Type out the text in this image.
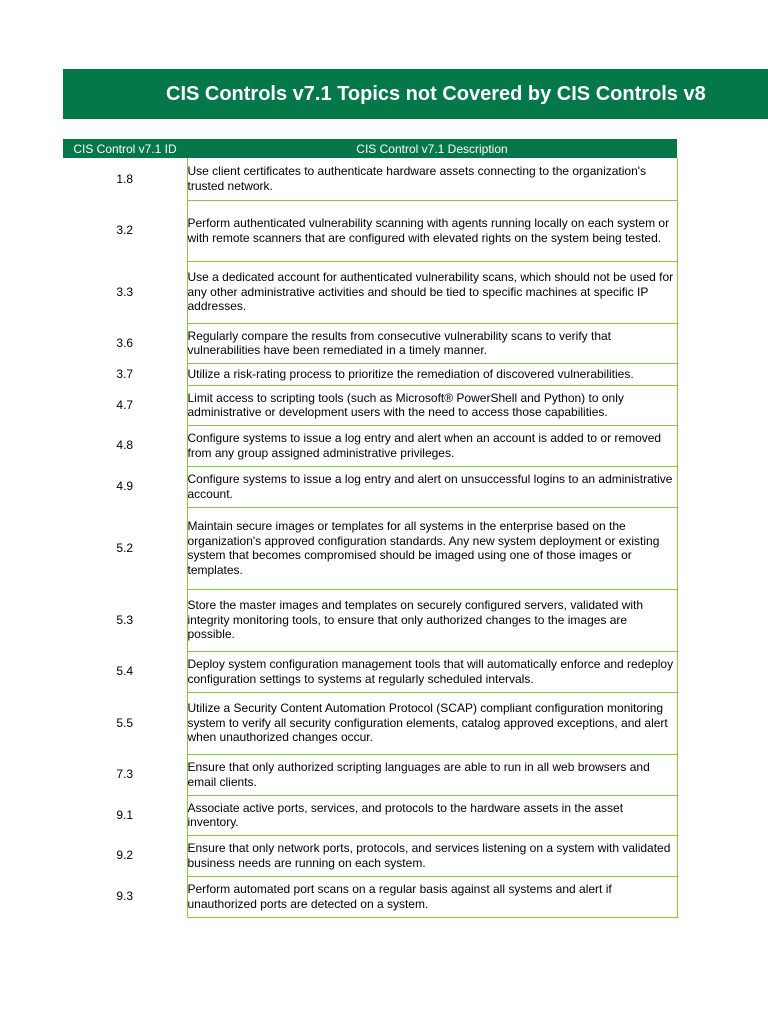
CIS Controls v7.1 Topics not Covered by CIS Controls v8
CIS Control v7.1 ID	CIS Control v7.1 Description
1.8	Use client certificates to authenticate hardware assets connecting to the organization's trusted network.
3.2	Perform authenticated vulnerability scanning with agents running locally on each system or with remote scanners that are configured with elevated rights on the system being tested.
3.3	Use a dedicated account for authenticated vulnerability scans, which should not be used for any other administrative activities and should be tied to specific machines at specific IP addresses.
3.6	Regularly compare the results from consecutive vulnerability scans to verify that vulnerabilities have been remediated in a timely manner.
3.7	Utilize a risk-rating process to prioritize the remediation of discovered vulnerabilities.
4.7	Limit access to scripting tools (such as Microsoft® PowerShell and Python) to only administrative or development users with the need to access those capabilities.
4.8	Configure systems to issue a log entry and alert when an account is added to or removed from any group assigned administrative privileges.
4.9	Configure systems to issue a log entry and alert on unsuccessful logins to an administrative account.
5.2	Maintain secure images or templates for all systems in the enterprise based on the organization's approved configuration standards. Any new system deployment or existing system that becomes compromised should be imaged using one of those images or templates.
5.3	Store the master images and templates on securely configured servers, validated with integrity monitoring tools, to ensure that only authorized changes to the images are possible.
5.4	Deploy system configuration management tools that will automatically enforce and redeploy configuration settings to systems at regularly scheduled intervals.
5.5	Utilize a Security Content Automation Protocol (SCAP) compliant configuration monitoring system to verify all security configuration elements, catalog approved exceptions, and alert when unauthorized changes occur.
7.3	Ensure that only authorized scripting languages are able to run in all web browsers and email clients.
9.1	Associate active ports, services, and protocols to the hardware assets in the asset inventory.
9.2	Ensure that only network ports, protocols, and services listening on a system with validated business needs are running on each system.
9.3	Perform automated port scans on a regular basis against all systems and alert if unauthorized ports are detected on a system.
